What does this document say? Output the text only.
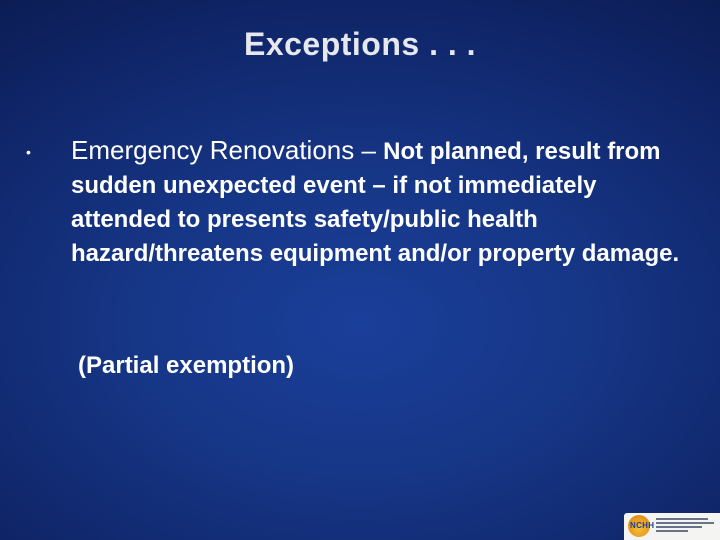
Exceptions . . .
• Emergency Renovations – Not planned, result from sudden unexpected event – if not immediately attended to presents safety/public health hazard/threatens equipment and/or property damage.
(Partial exemption)
NCHH
